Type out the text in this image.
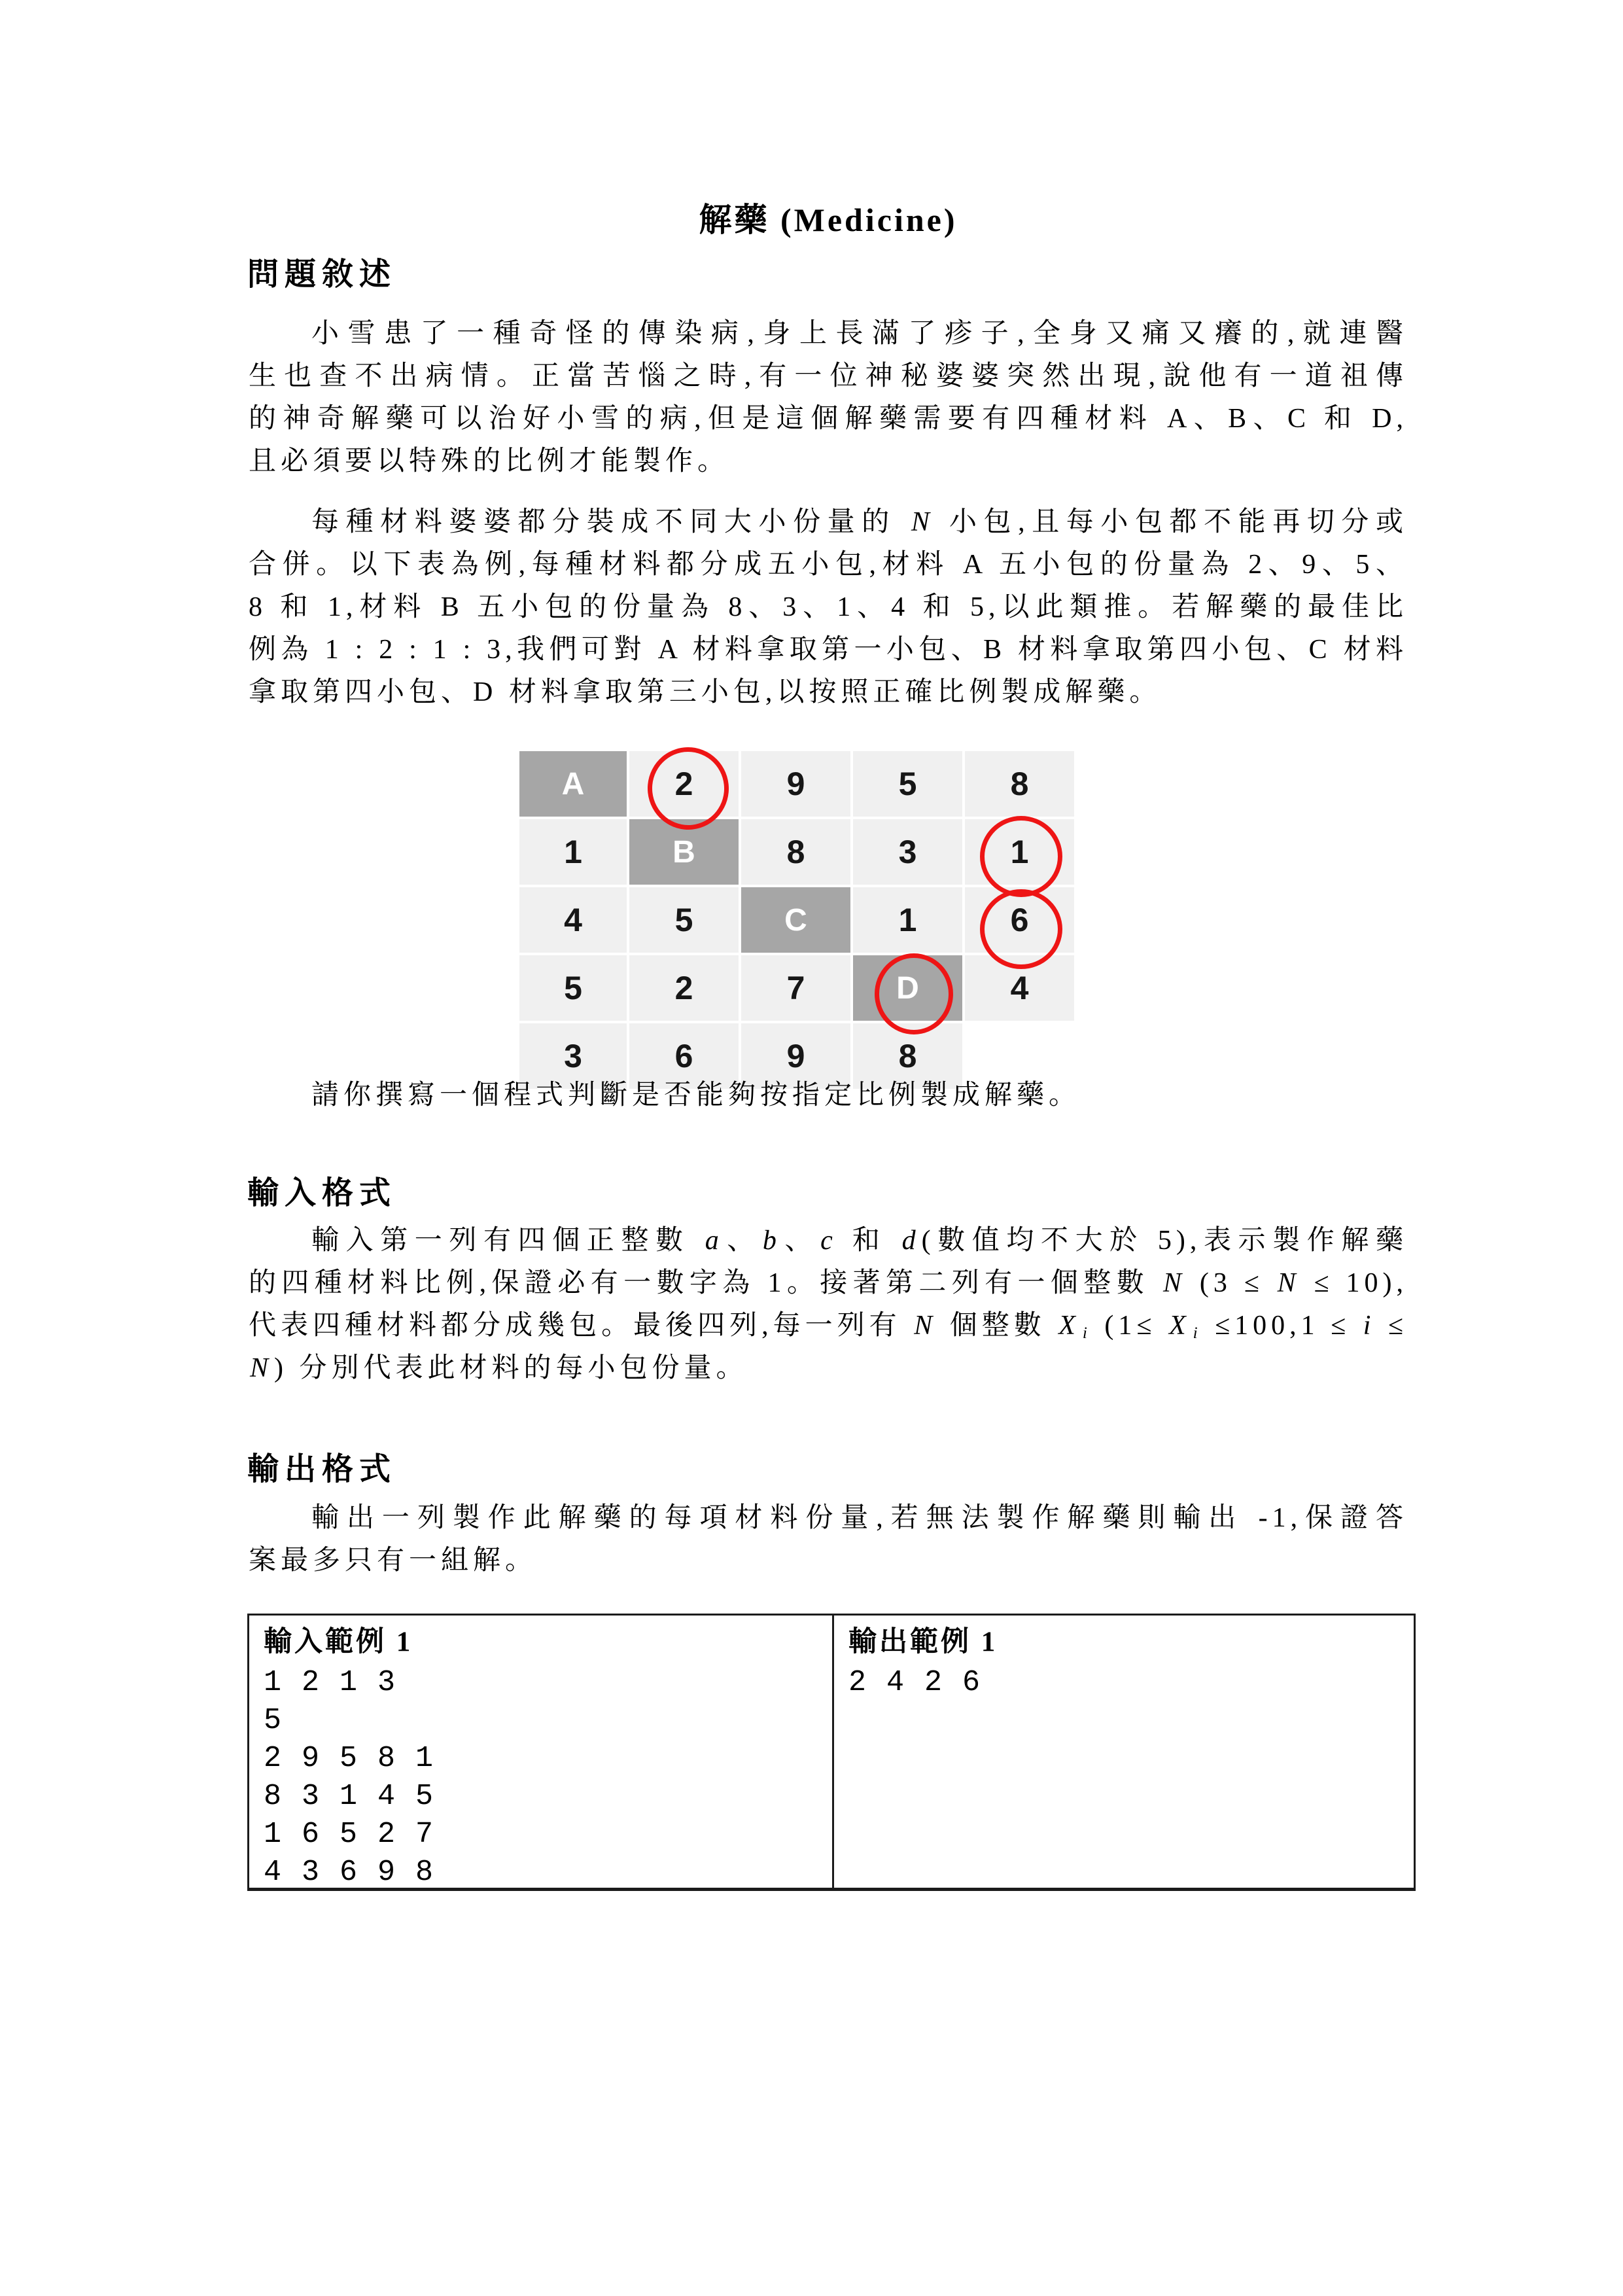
解藥 (Medicine)
問題敘述
小雪患了一種奇怪的傳染病,身上長滿了疹子,全身又痛又癢的,就連醫
生也查不出病情。正當苦惱之時,有一位神秘婆婆突然出現,說他有一道祖傳
的神奇解藥可以治好小雪的病,但是這個解藥需要有四種材料 A、B、C 和 D,
且必須要以特殊的比例才能製作。
每種材料婆婆都分裝成不同大小份量的 N 小包,且每小包都不能再切分或
合併。以下表為例,每種材料都分成五小包,材料 A 五小包的份量為 2、9、5、
8 和 1,材料 B 五小包的份量為 8、3、1、4 和 5,以此類推。若解藥的最佳比
例為 1 : 2 : 1 : 3,我們可對 A 材料拿取第一小包、B 材料拿取第四小包、C 材料
拿取第四小包、D 材料拿取第三小包,以按照正確比例製成解藥。
A	2	9	5	8
1	B	8	3	1
4	5	C	1	6
5	2	7	D	4
3	6	9	8
請你撰寫一個程式判斷是否能夠按指定比例製成解藥。
輸入格式
輸入第一列有四個正整數 a、b、c 和 d(數值均不大於 5),表示製作解藥
的四種材料比例,保證必有一數字為 1。接著第二列有一個整數 N (3 ≤ N ≤ 10),
代表四種材料都分成幾包。最後四列,每一列有 N 個整數 X $_i$ (1≤ X $_i$ ≤100,1 ≤ i ≤
N) 分別代表此材料的每小包份量。
輸出格式
輸出一列製作此解藥的每項材料份量,若無法製作解藥則輸出 -1,保證答
案最多只有一組解。
輸入範例 1
1 2 1 3
5
2 9 5 8 1
8 3 1 4 5
1 6 5 2 7
4 3 6 9 8
輸出範例 1
2 4 2 6
